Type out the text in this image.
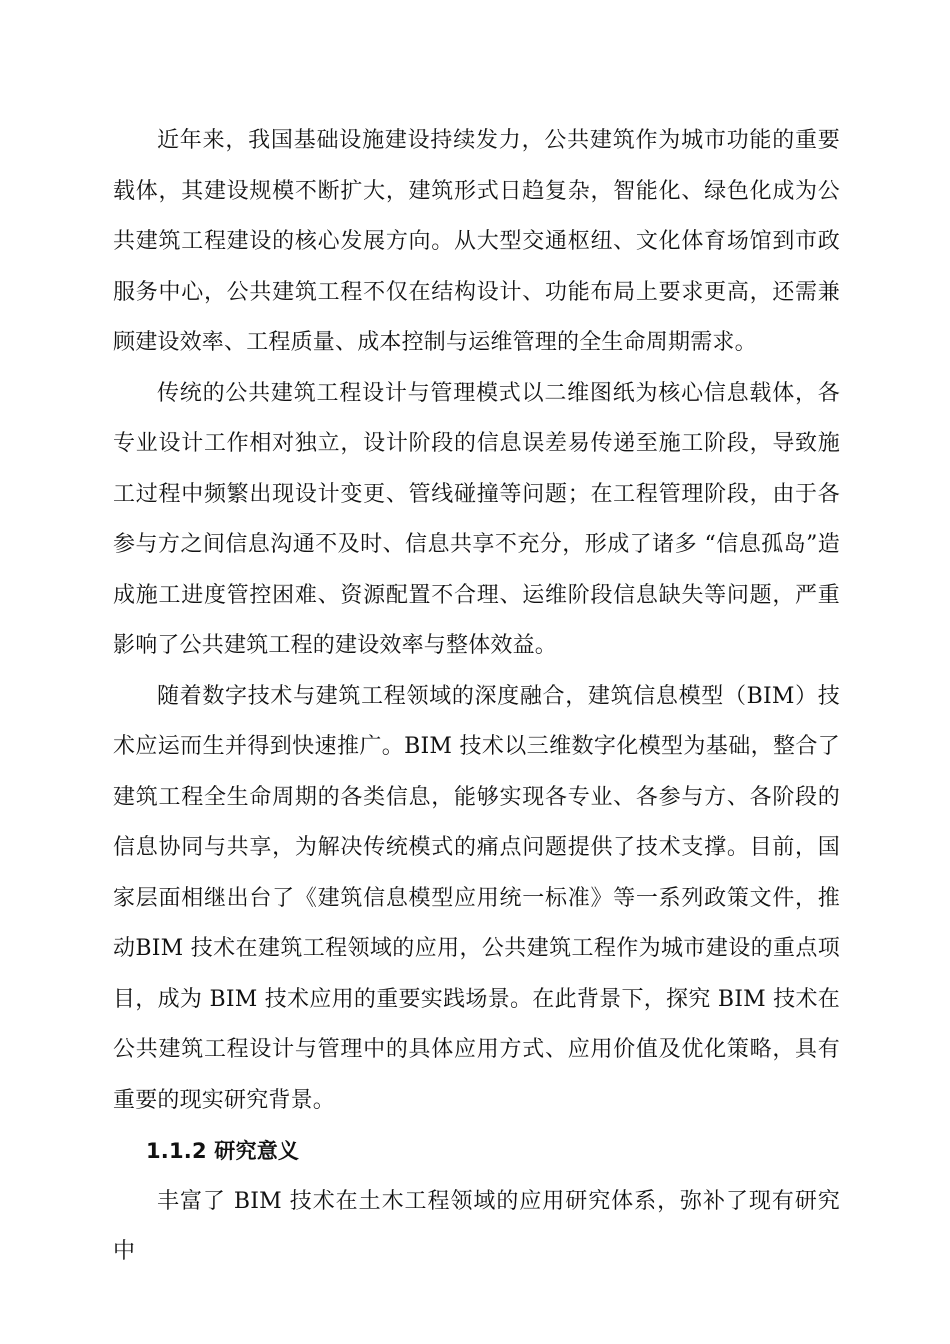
近年来，我国基础设施建设持续发力，公共建筑作为城市功能的重要载体，其建设规模不断扩大，建筑形式日趋复杂，智能化、绿色化成为公共建筑工程建设的核心发展方向。从大型交通枢纽、文化体育场馆到市政服务中心，公共建筑工程不仅在结构设计、功能布局上要求更高，还需兼顾建设效率、工程质量、成本控制与运维管理的全生命周期需求。

传统的公共建筑工程设计与管理模式以二维图纸为核心信息载体，各专业设计工作相对独立，设计阶段的信息误差易传递至施工阶段，导致施工过程中频繁出现设计变更、管线碰撞等问题；在工程管理阶段，由于各参与方之间信息沟通不及时、信息共享不充分，形成了诸多 “信息孤岛”造成施工进度管控困难、资源配置不合理、运维阶段信息缺失等问题，严重影响了公共建筑工程的建设效率与整体效益。

随着数字技术与建筑工程领域的深度融合，建筑信息模型（BIM）技术应运而生并得到快速推广。BIM 技术以三维数字化模型为基础，整合了建筑工程全生命周期的各类信息，能够实现各专业、各参与方、各阶段的信息协同与共享，为解决传统模式的痛点问题提供了技术支撑。目前，国家层面相继出台了《建筑信息模型应用统一标准》等一系列政策文件，推动BIM 技术在建筑工程领域的应用，公共建筑工程作为城市建设的重点项目，成为 BIM 技术应用的重要实践场景。在此背景下，探究 BIM 技术在公共建筑工程设计与管理中的具体应用方式、应用价值及优化策略，具有重要的现实研究背景。

1.1.2 研究意义

丰富了 BIM 技术在土木工程领域的应用研究体系，弥补了现有研究中
